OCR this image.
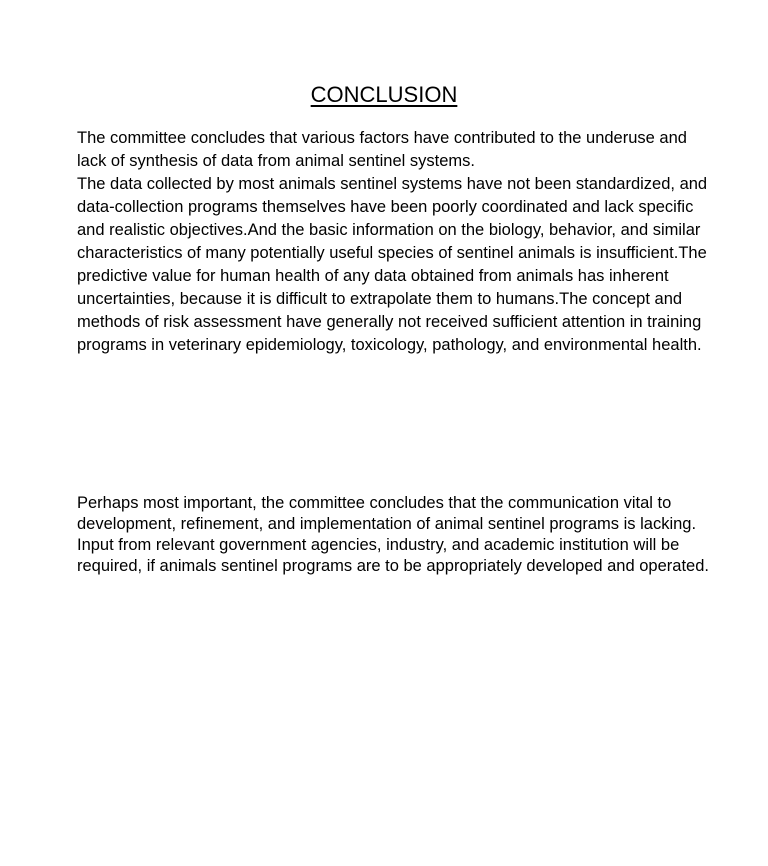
CONCLUSION

The committee concludes that various factors have contributed to the underuse and lack of synthesis of data from animal sentinel systems.

The data collected by most animals sentinel systems have not been standardized, and data-collection programs themselves have been poorly coordinated and lack specific and realistic objectives.And the basic information on the biology, behavior, and similar characteristics of many potentially useful species of sentinel animals is insufficient.The predictive value for human health of any data obtained from animals has inherent uncertainties, because it is difficult to extrapolate them to humans.The concept and methods of risk assessment have generally not received sufficient attention in training programs in veterinary epidemiology, toxicology, pathology, and environmental health.

Perhaps most important, the committee concludes that the communication vital to development, refinement, and implementation of animal sentinel programs is lacking. Input from relevant government agencies, industry, and academic institution will be required, if animals sentinel programs are to be appropriately developed and operated.
